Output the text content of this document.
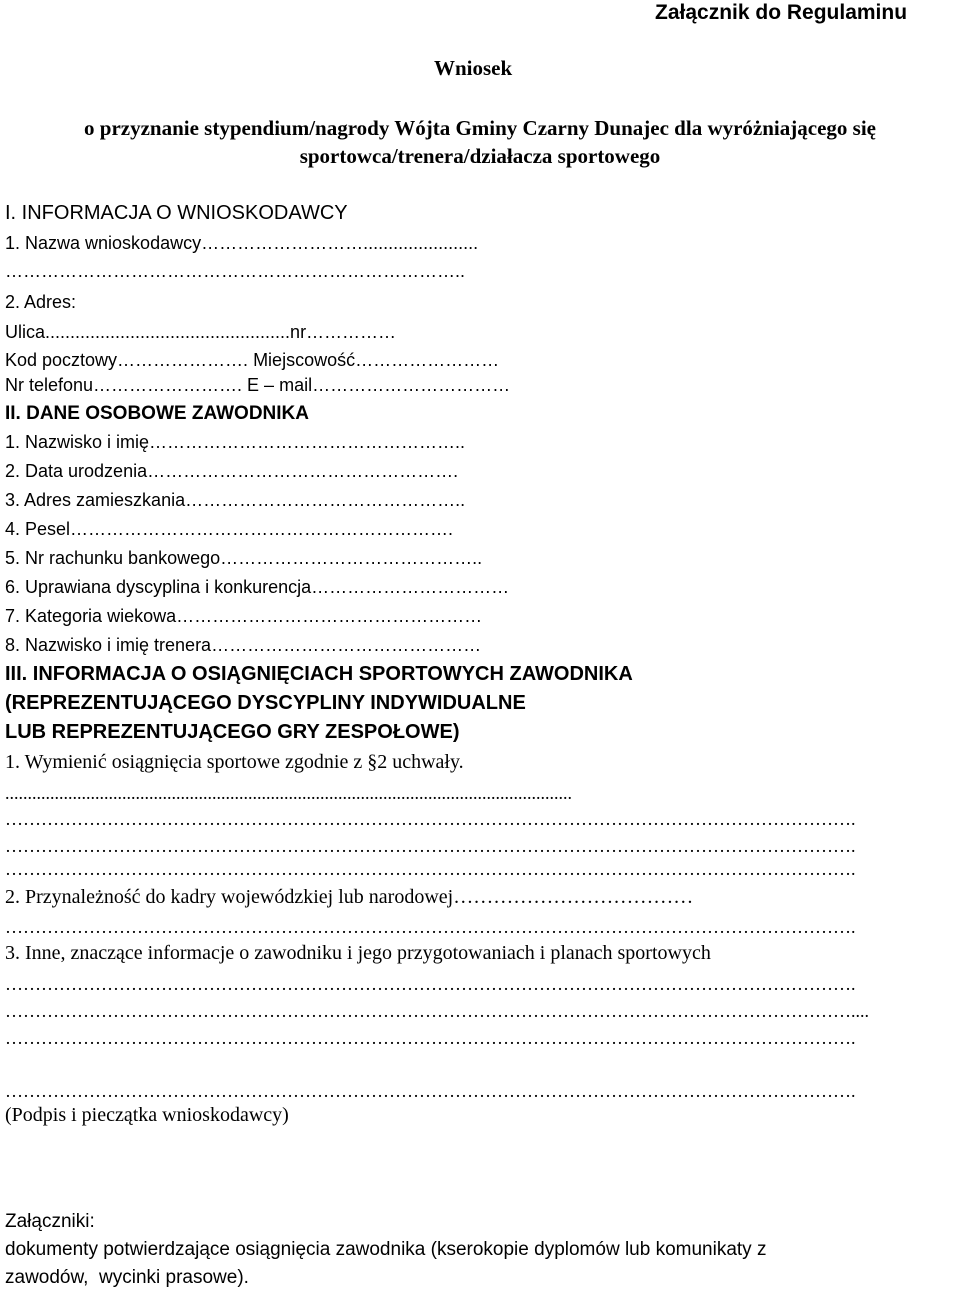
Załącznik do Regulaminu
Wniosek
o przyznanie stypendium/nagrody Wójta Gminy Czarny Dunajec dla wyróżniającego się
sportowca/trenera/działacza sportowego
I. INFORMACJA O WNIOSKODAWCY
1. Nazwa wnioskodawcy……………………….......................
…………………………………………………………………..
2. Adres:
Ulica.................................................nr……………
Kod pocztowy…………………. Miejscowość……………………
Nr telefonu……………………. E – mail……………………………
II. DANE OSOBOWE ZAWODNIKA
1. Nazwisko i imię……………………………………………..
2. Data urodzenia…………………………………………….
3. Adres zamieszkania………………………………………..
4. Pesel……………………………………………………….
5. Nr rachunku bankowego……………………………………..
6. Uprawiana dyscyplina i konkurencja……………………………
7. Kategoria wiekowa……………………………………………
8. Nazwisko i imię trenera………………………………………
III. INFORMACJA O OSIĄGNIĘCIACH SPORTOWYCH ZAWODNIKA
(REPREZENTUJĄCEGO DYSCYPLINY INDYWIDUALNE
LUB REPREZENTUJĄCEGO GRY ZESPOŁOWE)
1. Wymienić osiągnięcia sportowe zgodnie z §2 uchwały.
..............................................................................................................................
…………………………………………………………………………………………………………………………….
…………………………………………………………………………………………………………………………….
…………………………………………………………………………………………………………………………….
2. Przynależność do kadry wojewódzkiej lub narodowej………………………………
…………………………………………………………………………………………………………………………….
3. Inne, znaczące informacje o zawodniku i jego przygotowaniach i planach sportowych
…………………………………………………………………………………………………………………………….
……………………………………………………………………………………………………………………………....
…………………………………………………………………………………………………………………………….
…………………………………………………………………………………………………………………………….
(Podpis i pieczątka wnioskodawcy)
Załączniki:
dokumenty potwierdzające osiągnięcia zawodnika (kserokopie dyplomów lub komunikaty z
zawodów,  wycinki prasowe).
